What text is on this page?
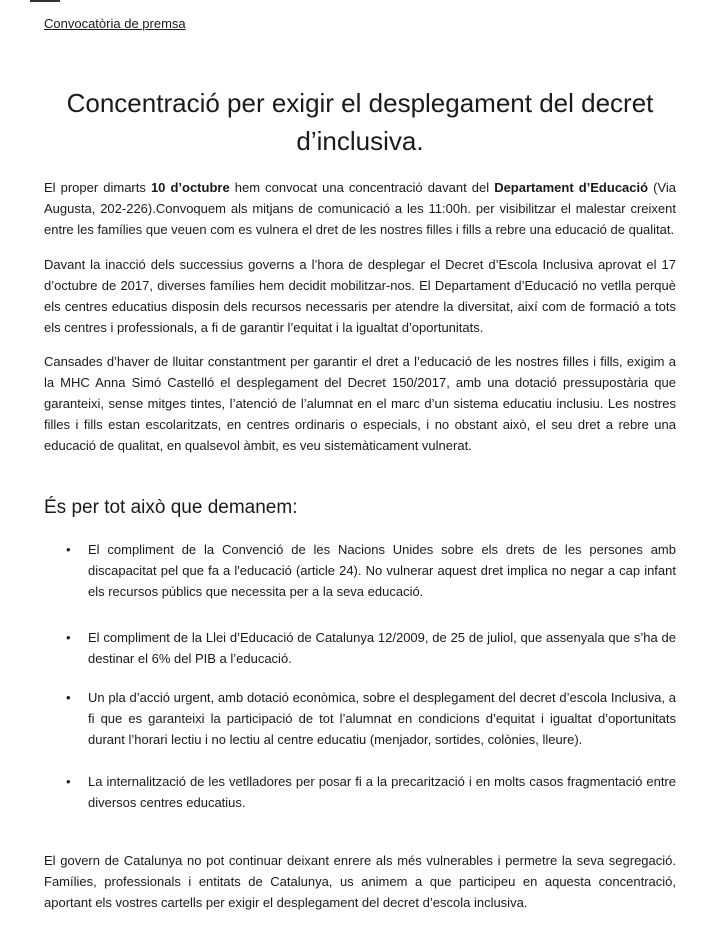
Convocatòria de premsa
Concentració per exigir el desplegament del decret d’inclusiva.

El proper dimarts 10 d’octubre hem convocat una concentració davant del Departament d’Educació (Via Augusta, 202-226).Convoquem als mitjans de comunicació a les 11:00h. per visibilitzar el malestar creixent entre les famílies que veuen com es vulnera el dret de les nostres filles i fills a rebre una educació de qualitat.

Davant la inacció dels successius governs a l’hora de desplegar el Decret d’Escola Inclusiva aprovat el 17 d’octubre de 2017, diverses famílies hem decidit mobilitzar-nos. El Departament d’Educació no vetlla perquè els centres educatius disposin dels recursos necessaris per atendre la diversitat, així com de formació a tots els centres i professionals, a fi de garantir l’equitat i la igualtat d’oportunitats.

Cansades d’haver de lluitar constantment per garantir el dret a l’educació de les nostres filles i fills, exigim a la MHC Anna Simó Castelló el desplegament del Decret 150/2017, amb una dotació pressupostària que garanteixi, sense mitges tintes, l’atenció de l’alumnat en el marc d’un sistema educatiu inclusiu. Les nostres filles i fills estan escolaritzats, en centres ordinaris o especials, i no obstant això, el seu dret a rebre una educació de qualitat, en qualsevol àmbit, es veu sistemàticament vulnerat.

És per tot això que demanem:
• El compliment de la Convenció de les Nacions Unides sobre els drets de les persones amb discapacitat pel que fa a l'educació (article 24). No vulnerar aquest dret implica no negar a cap infant els recursos públics que necessita per a la seva educació.
• El compliment de la Llei d’Educació de Catalunya 12/2009, de 25 de juliol, que assenyala que s’ha de destinar el 6% del PIB a l’educació.
• Un pla d’acció urgent, amb dotació econòmica, sobre el desplegament del decret d’escola Inclusiva, a fi que es garanteixi la participació de tot l’alumnat en condicions d’equitat i igualtat d’oportunitats durant l’horari lectiu i no lectiu al centre educatiu (menjador, sortides, colònies, lleure).
• La internalització de les vetlladores per posar fi a la precarització i en molts casos fragmentació entre diversos centres educatius.

El govern de Catalunya no pot continuar deixant enrere als més vulnerables i permetre la seva segregació. Famílies, professionals i entitats de Catalunya, us animem a que participeu en aquesta concentració, aportant els vostres cartells per exigir el desplegament del decret d’escola inclusiva.
